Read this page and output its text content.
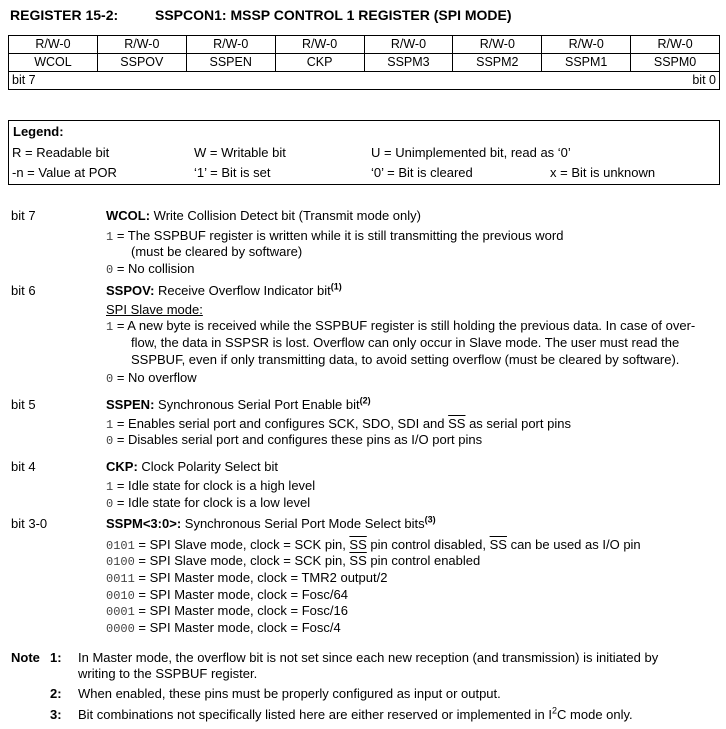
REGISTER 15-2:	SSPCON1: MSSP CONTROL 1 REGISTER (SPI MODE)
R/W-0	R/W-0	R/W-0	R/W-0	R/W-0	R/W-0	R/W-0	R/W-0
WCOL	SSPOV	SSPEN	CKP	SSPM3	SSPM2	SSPM1	SSPM0
bit 7 bit 0							
Legend:
R = Readable bit	W = Writable bit	U = Unimplemented bit, read as ‘0’
-n = Value at POR	‘1’ = Bit is set	‘0’ = Bit is cleared	x = Bit is unknown
bit 7	WCOL: Write Collision Detect bit (Transmit mode only)
1 = The SSPBUF register is written while it is still transmitting the previous word
(must be cleared by software)
0 = No collision
bit 6	SSPOV: Receive Overflow Indicator bit$^{(1)}$
SPI Slave mode:
1 = A new byte is received while the SSPBUF register is still holding the previous data. In case of over-
flow, the data in SSPSR is lost. Overflow can only occur in Slave mode. The user must read the
SSPBUF, even if only transmitting data, to avoid setting overflow (must be cleared by software).
0 = No overflow
bit 5	SSPEN: Synchronous Serial Port Enable bit$^{(2)}$
1 = Enables serial port and configures SCK, SDO, SDI and $\overline{SS}$ as serial port pins
0 = Disables serial port and configures these pins as I/O port pins
bit 4	CKP: Clock Polarity Select bit
1 = Idle state for clock is a high level
0 = Idle state for clock is a low level
bit 3-0	SSPM<3:0>: Synchronous Serial Port Mode Select bits$^{(3)}$
0101 = SPI Slave mode, clock = SCK pin, $\overline{SS}$ pin control disabled, $\overline{SS}$ can be used as I/O pin
0100 = SPI Slave mode, clock = SCK pin, $\overline{SS}$ pin control enabled
0011 = SPI Master mode, clock = TMR2 output/2
0010 = SPI Master mode, clock = Fosc/64
0001 = SPI Master mode, clock = Fosc/16
0000 = SPI Master mode, clock = Fosc/4
Note 1: In Master mode, the overflow bit is not set since each new reception (and transmission) is initiated by
writing to the SSPBUF register.
2: When enabled, these pins must be properly configured as input or output.
3: Bit combinations not specifically listed here are either reserved or implemented in $I^2C$ mode only.
